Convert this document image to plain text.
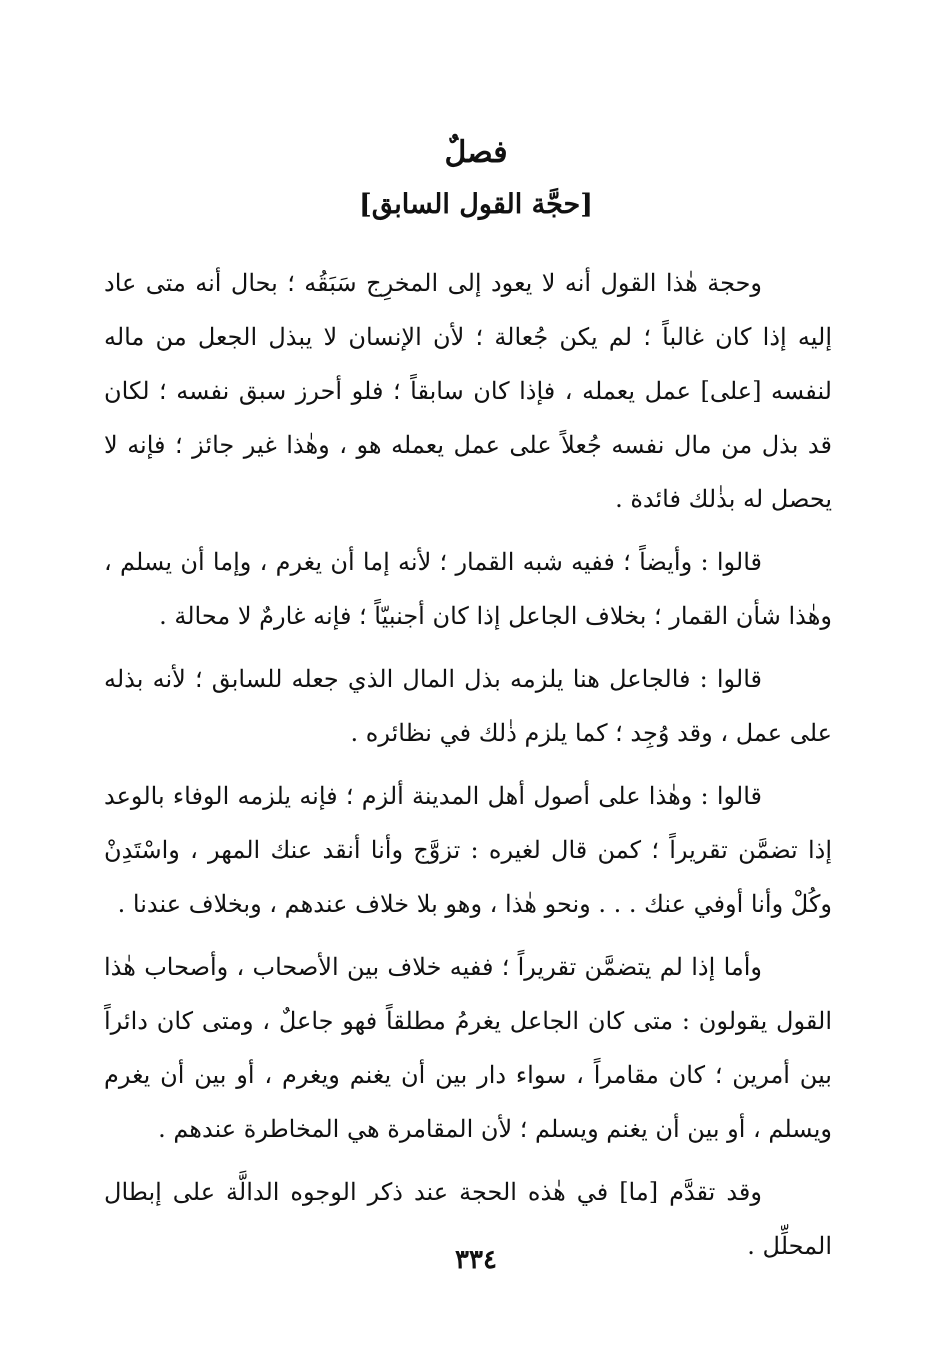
فصلٌ
[حجَّة القول السابق]

وحجة هٰذا القول أنه لا يعود إلى المخرِج سَبَقُه ؛ بحال أنه متى عاد إليه إذا كان غالباً ؛ لم يكن جُعالة ؛ لأن الإنسان لا يبذل الجعل من ماله لنفسه [على] عمل يعمله ، فإذا كان سابقاً ؛ فلو أحرز سبق نفسه ؛ لكان قد بذل من مال نفسه جُعلاً على عمل يعمله هو ، وهٰذا غير جائز ؛ فإنه لا يحصل له بذٰلك فائدة .

قالوا : وأيضاً ؛ ففيه شبه القمار ؛ لأنه إما أن يغرم ، وإما أن يسلم ، وهٰذا شأن القمار ؛ بخلاف الجاعل إذا كان أجنبيّاً ؛ فإنه غارمٌ لا محالة .

قالوا : فالجاعل هنا يلزمه بذل المال الذي جعله للسابق ؛ لأنه بذله على عمل ، وقد وُجِد ؛ كما يلزم ذٰلك في نظائره .

قالوا : وهٰذا على أصول أهل المدينة ألزم ؛ فإنه يلزمه الوفاء بالوعد إذا تضمَّن تقريراً ؛ كمن قال لغيره : تزوَّج وأنا أنقد عنك المهر ، واسْتَدِنْ وكُلْ وأنا أوفي عنك . . . ونحو هٰذا ، وهو بلا خلاف عندهم ، وبخلاف عندنا .

وأما إذا لم يتضمَّن تقريراً ؛ ففيه خلاف بين الأصحاب ، وأصحاب هٰذا القول يقولون : متى كان الجاعل يغرمُ مطلقاً فهو جاعلٌ ، ومتى كان دائراً بين أمرين ؛ كان مقامراً ، سواء دار بين أن يغنم ويغرم ، أو بين أن يغرم ويسلم ، أو بين أن يغنم ويسلم ؛ لأن المقامرة هي المخاطرة عندهم .

وقد تقدَّم [ما] في هٰذه الحجة عند ذكر الوجوه الدالَّة على إبطال المحلِّل .

٣٣٤
